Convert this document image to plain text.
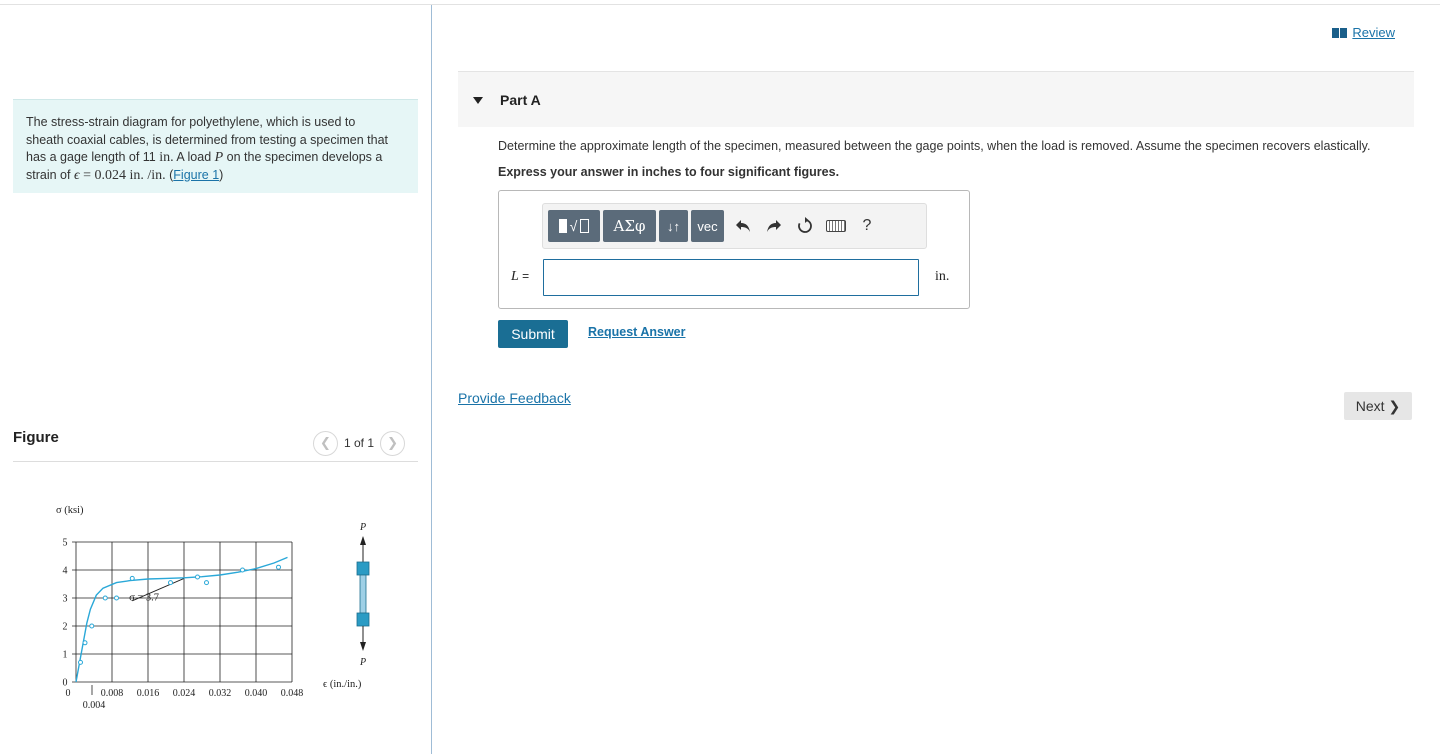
The stress-strain diagram for polyethylene, which is used to
sheath coaxial cables, is determined from testing a specimen that
has a gage length of 11 in. A load P on the specimen develops a
strain of ϵ = 0.024 in. /in. (Figure 1)
Figure	❮	1 of 1	❯
0
1
2
3
4
5
0	0.008 0.016 0.024 0.032 0.040 0.048
0.004
σ (ksi)
ϵ (in./in.)
σ = 3.7
P
P
Review
Part A
Determine the approximate length of the specimen, measured between the gage points, when the load is removed. Assume the specimen recovers elastically.
Express your answer in inches to four significant figures.
√	ΑΣφ	↓↑	vec	?
L =	in.
Submit	Request Answer
Provide Feedback	Next ❯
